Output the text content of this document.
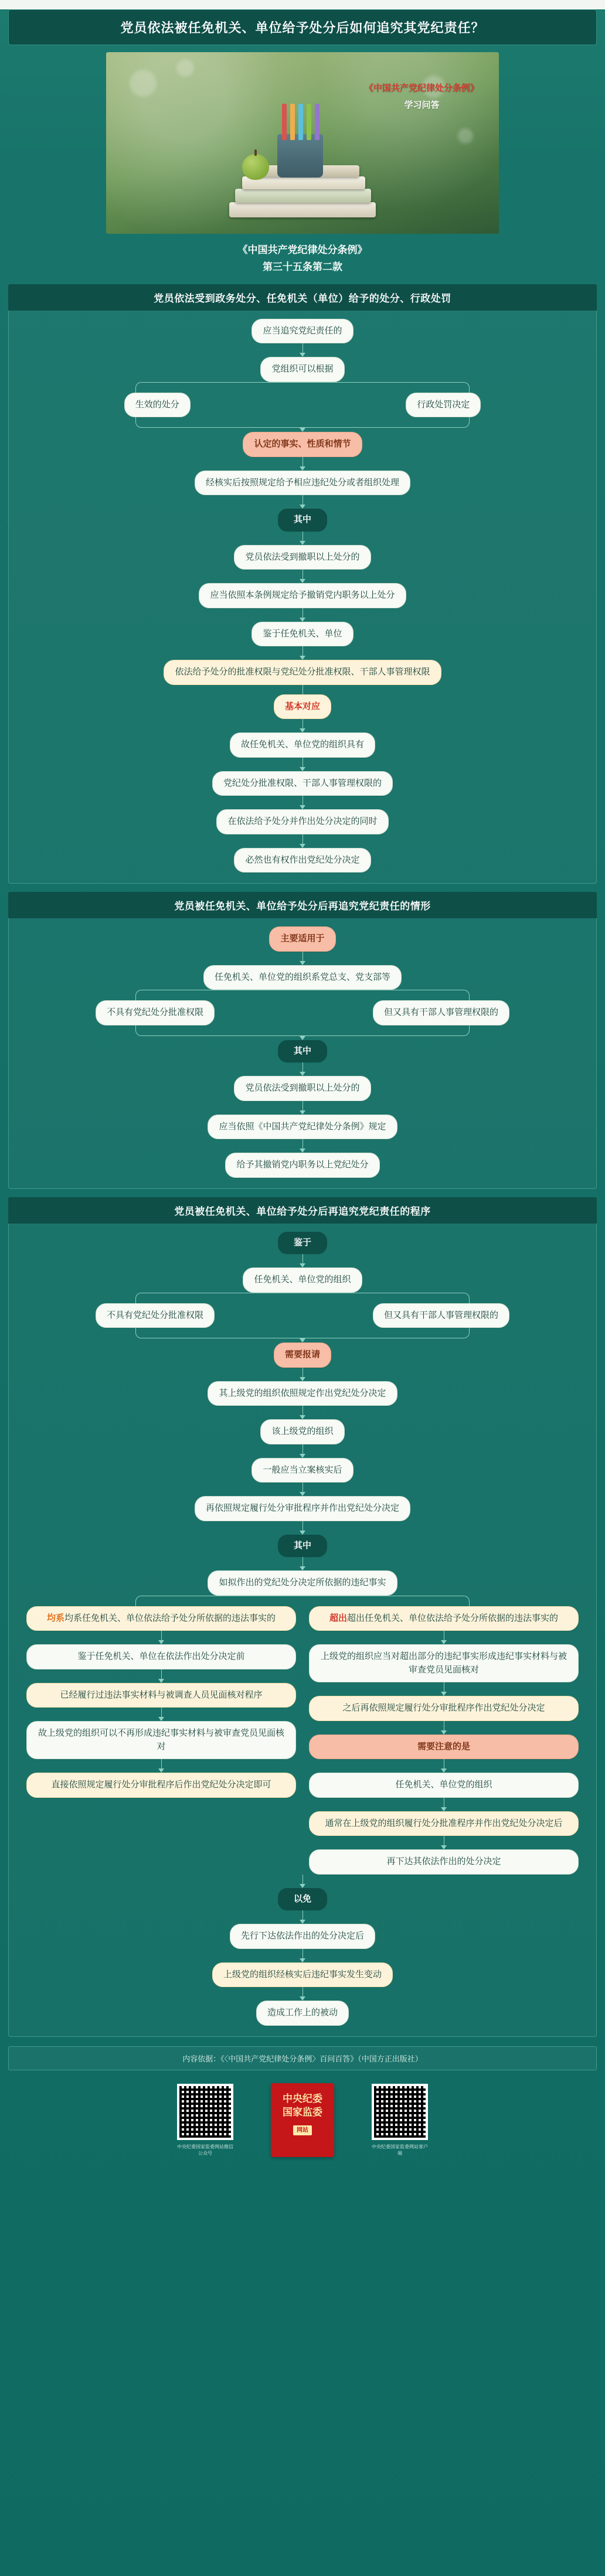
党员依法被任免机关、单位给予处分后如何追究其党纪责任？
《中国共产党纪律处分条例》
学习问答
《中国共产党纪律处分条例》
第三十五条第二款
党员依法受到政务处分、任免机关（单位）给予的处分、行政处罚
应当追究党纪责任的
党组织可以根据
生效的处分	行政处罚决定
认定的事实、性质和情节
经核实后按照规定给予相应违纪处分或者组织处理
其中
党员依法受到撤职以上处分的
应当依照本条例规定给予撤销党内职务以上处分
鉴于任免机关、单位
依法给予处分的批准权限与党纪处分批准权限、干部人事管理权限
基本对应
故任免机关、单位党的组织具有
党纪处分批准权限、干部人事管理权限的
在依法给予处分并作出处分决定的同时
必然也有权作出党纪处分决定
党员被任免机关、单位给予处分后再追究党纪责任的情形
主要适用于
任免机关、单位党的组织系党总支、党支部等
不具有党纪处分批准权限	但又具有干部人事管理权限的
其中
党员依法受到撤职以上处分的
应当依照《中国共产党纪律处分条例》规定
给予其撤销党内职务以上党纪处分
党员被任免机关、单位给予处分后再追究党纪责任的程序
鉴于
任免机关、单位党的组织
不具有党纪处分批准权限	但又具有干部人事管理权限的
需要报请
其上级党的组织依照规定作出党纪处分决定
该上级党的组织
一般应当立案核实后
再依照规定履行处分审批程序并作出党纪处分决定
其中
如拟作出的党纪处分决定所依据的违纪事实
均系均系任免机关、单位依法给予处分所依据的违法事实的
鉴于任免机关、单位在依法作出处分决定前
已经履行过违法事实材料与被调查人员见面核对程序
故上级党的组织可以不再形成违纪事实材料与被审查党员见面核对
直接依照规定履行处分审批程序后作出党纪处分决定即可
超出超出任免机关、单位依法给予处分所依据的违法事实的
上级党的组织应当对超出部分的违纪事实形成违纪事实材料与被审查党员见面核对
之后再依照规定履行处分审批程序作出党纪处分决定
需要注意的是
任免机关、单位党的组织
通常在上级党的组织履行处分批准程序并作出党纪处分决定后
再下达其依法作出的处分决定
以免
先行下达依法作出的处分决定后
上级党的组织经核实后违纪事实发生变动
造成工作上的被动
内容依据：《〈中国共产党纪律处分条例〉百问百答》（中国方正出版社）
中央纪委国家监委网站微信公众号
中央纪委
国家监委
网站
中央纪委国家监委网站客户端
